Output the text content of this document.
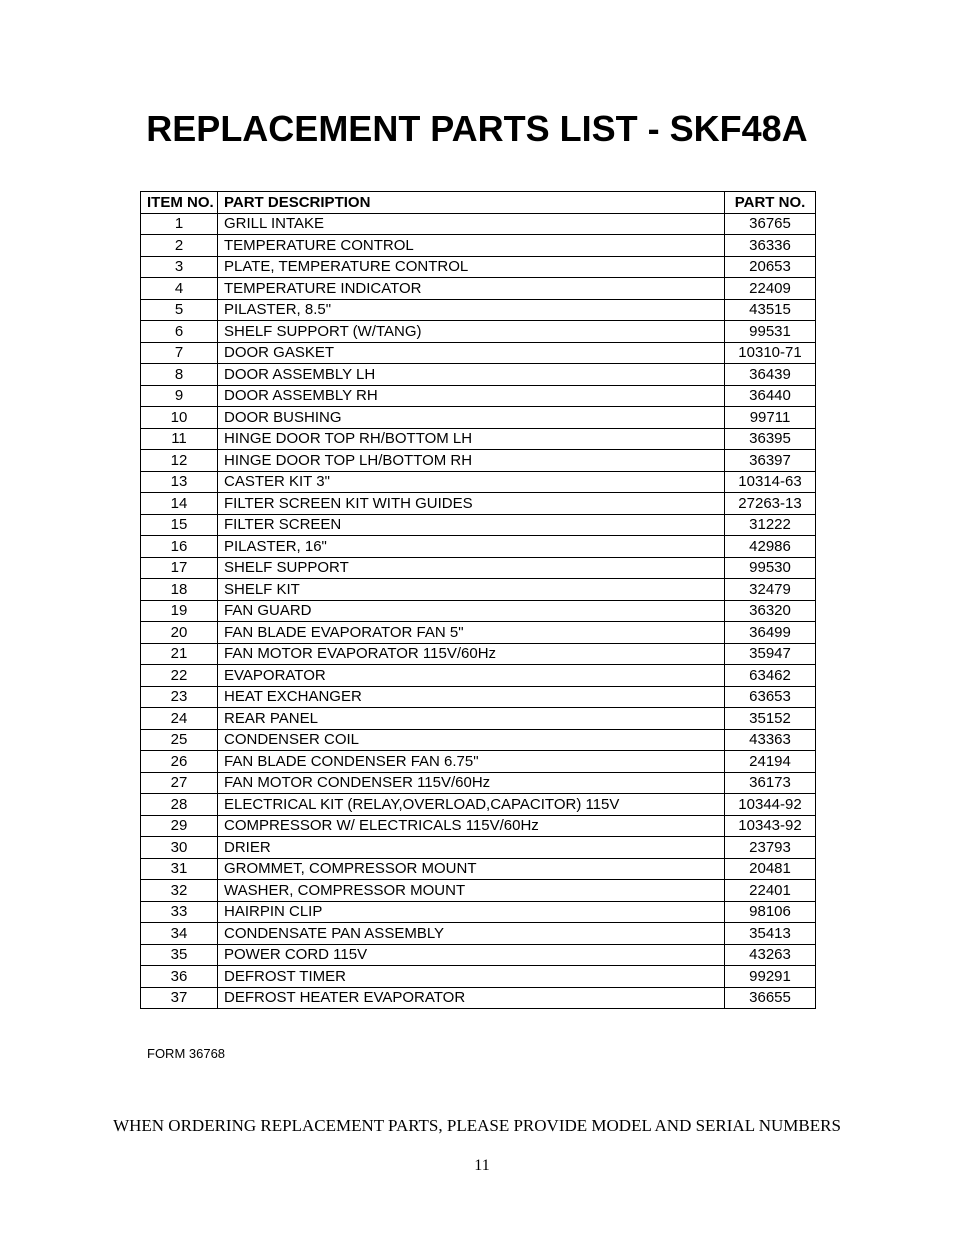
REPLACEMENT PARTS LIST - SKF48A
ITEM NO.	PART DESCRIPTION	PART NO.
1	GRILL INTAKE	36765
2	TEMPERATURE CONTROL	36336
3	PLATE, TEMPERATURE CONTROL	20653
4	TEMPERATURE INDICATOR	22409
5	PILASTER, 8.5"	43515
6	SHELF SUPPORT (W/TANG)	99531
7	DOOR GASKET	10310-71
8	DOOR ASSEMBLY LH	36439
9	DOOR ASSEMBLY RH	36440
10	DOOR BUSHING	99711
11	HINGE DOOR TOP RH/BOTTOM LH	36395
12	HINGE DOOR TOP LH/BOTTOM RH	36397
13	CASTER KIT 3"	10314-63
14	FILTER SCREEN KIT WITH GUIDES	27263-13
15	FILTER SCREEN	31222
16	PILASTER, 16"	42986
17	SHELF SUPPORT	99530
18	SHELF KIT	32479
19	FAN GUARD	36320
20	FAN BLADE EVAPORATOR FAN 5"	36499
21	FAN MOTOR EVAPORATOR 115V/60Hz	35947
22	EVAPORATOR	63462
23	HEAT EXCHANGER	63653
24	REAR PANEL	35152
25	CONDENSER COIL	43363
26	FAN BLADE CONDENSER FAN 6.75"	24194
27	FAN MOTOR CONDENSER 115V/60Hz	36173
28	ELECTRICAL KIT (RELAY,OVERLOAD,CAPACITOR) 115V	10344-92
29	COMPRESSOR W/ ELECTRICALS 115V/60Hz	10343-92
30	DRIER	23793
31	GROMMET, COMPRESSOR MOUNT	20481
32	WASHER, COMPRESSOR MOUNT	22401
33	HAIRPIN CLIP	98106
34	CONDENSATE PAN ASSEMBLY	35413
35	POWER CORD 115V	43263
36	DEFROST TIMER	99291
37	DEFROST HEATER EVAPORATOR	36655
FORM 36768
WHEN ORDERING REPLACEMENT PARTS, PLEASE PROVIDE MODEL AND SERIAL NUMBERS
11
